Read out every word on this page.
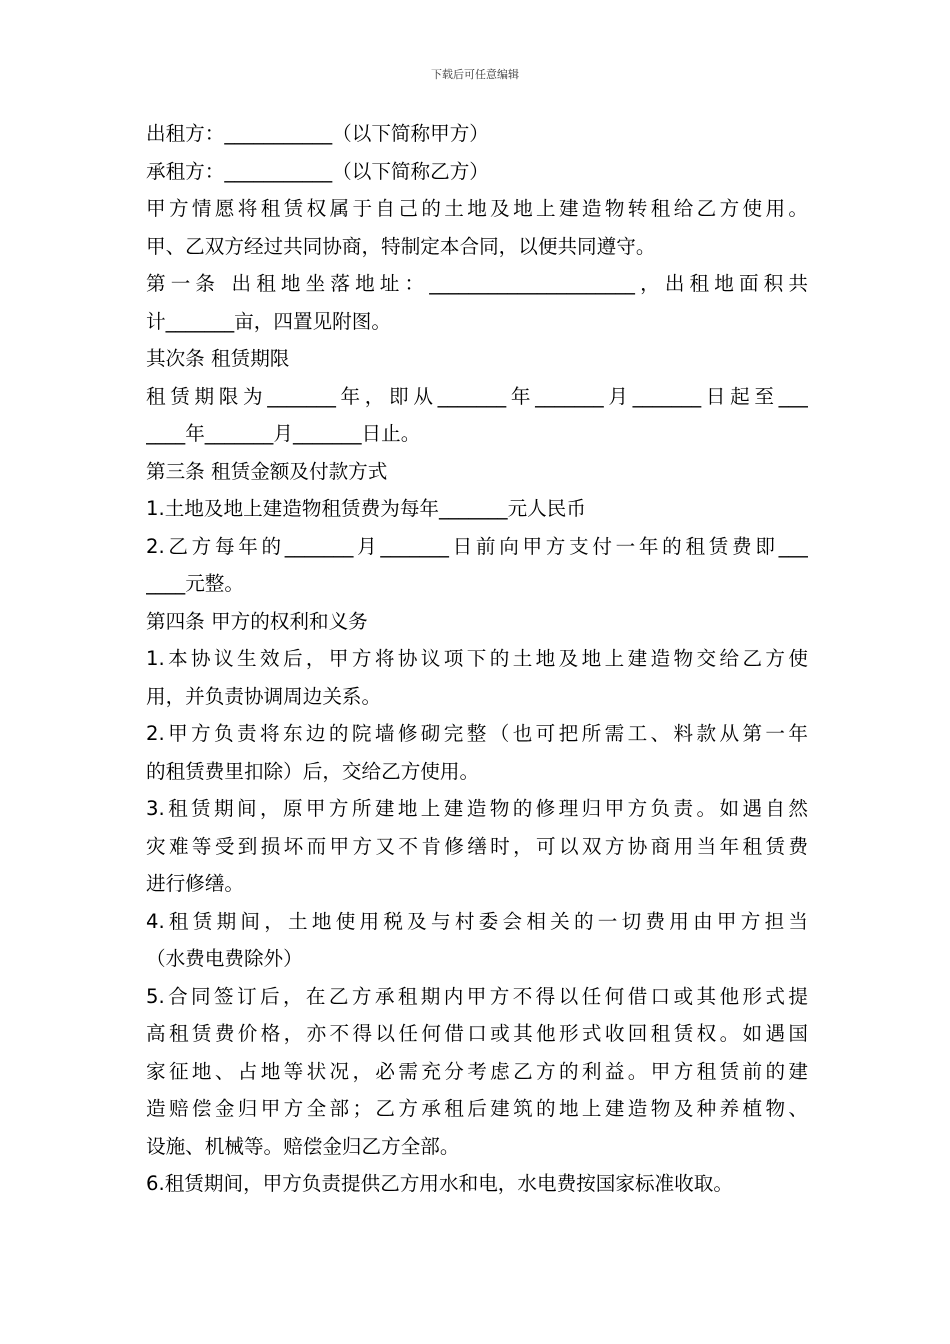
下载后可任意编辑
出租方：___________（以下简称甲方）
承租方：___________（以下简称乙方）
甲方情愿将租赁权属于自己的土地及地上建造物转租给乙方使用。
甲、乙双方经过共同协商，特制定本合同，以便共同遵守。
第一条 出租地坐落地址：_____________________，出租地面积共
计_______亩，四置见附图。
其次条 租赁期限
租赁期限为_______年，即从_______年_______月_______日起至___
____年_______月_______日止。
第三条 租赁金额及付款方式
1.土地及地上建造物租赁费为每年_______元人民币
2.乙方每年的_______月_______日前向甲方支付一年的租赁费即___
____元整。
第四条 甲方的权利和义务
1.本协议生效后，甲方将协议项下的土地及地上建造物交给乙方使
用，并负责协调周边关系。
2.甲方负责将东边的院墙修砌完整（也可把所需工、料款从第一年
的租赁费里扣除）后，交给乙方使用。
3.租赁期间，原甲方所建地上建造物的修理归甲方负责。如遇自然
灾难等受到损坏而甲方又不肯修缮时，可以双方协商用当年租赁费
进行修缮。
4.租赁期间，土地使用税及与村委会相关的一切费用由甲方担当
（水费电费除外）
5.合同签订后，在乙方承租期内甲方不得以任何借口或其他形式提
高租赁费价格，亦不得以任何借口或其他形式收回租赁权。如遇国
家征地、占地等状况，必需充分考虑乙方的利益。甲方租赁前的建
造赔偿金归甲方全部；乙方承租后建筑的地上建造物及种养植物、
设施、机械等。赔偿金归乙方全部。
6.租赁期间，甲方负责提供乙方用水和电，水电费按国家标准收取。
